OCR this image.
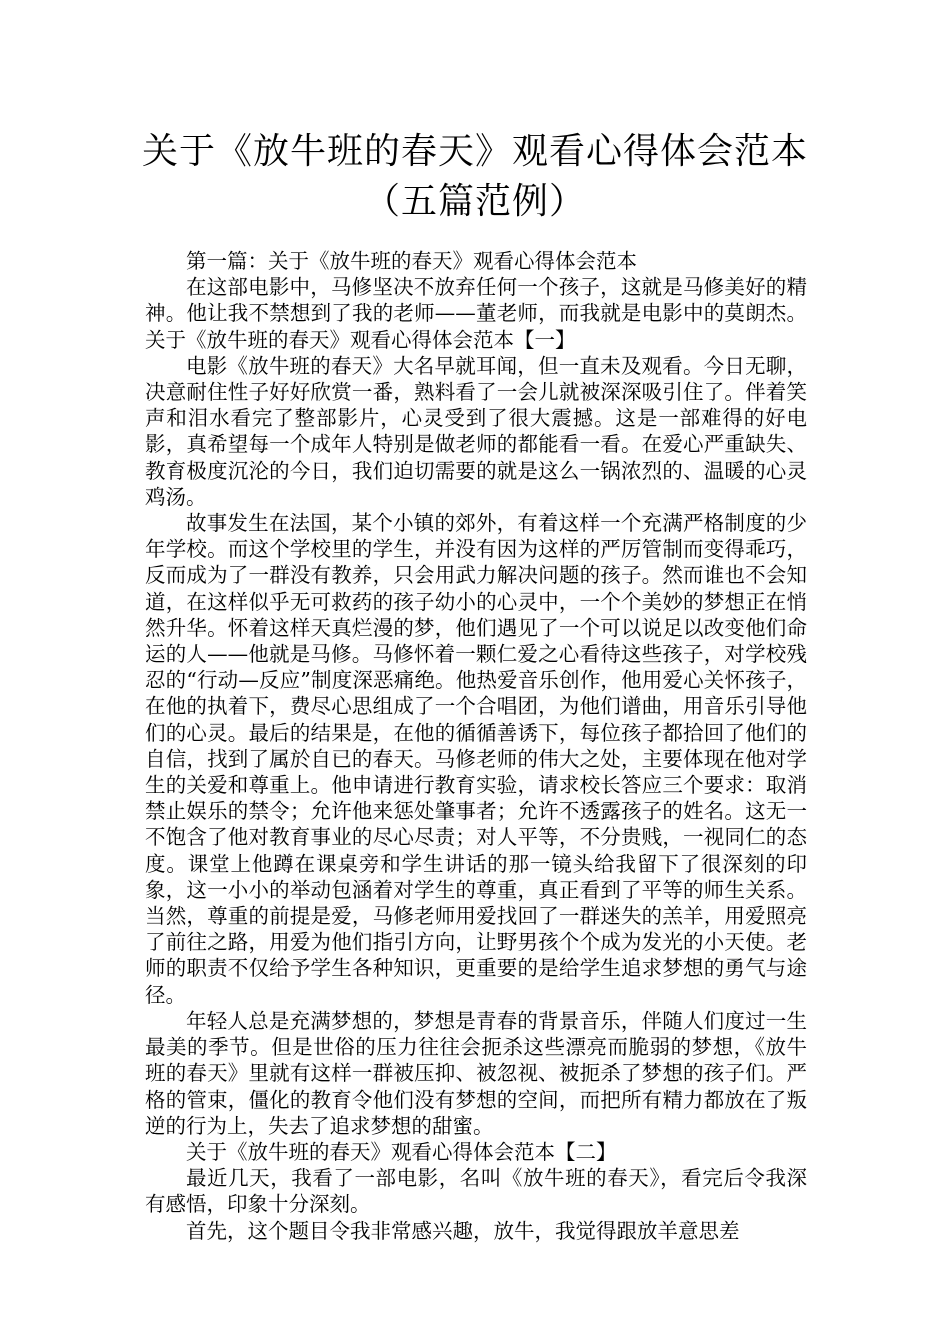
关于《放牛班的春天》观看心得体会范本
（五篇范例）

第一篇：关于《放牛班的春天》观看心得体会范本

在这部电影中，马修坚决不放弃任何一个孩子，这就是马修美好的精神。他让我不禁想到了我的老师——董老师，而我就是电影中的莫朗杰。 关于《放牛班的春天》观看心得体会范本【一】

电影《放牛班的春天》大名早就耳闻，但一直未及观看。今日无聊，决意耐住性子好好欣赏一番，熟料看了一会儿就被深深吸引住了。伴着笑声和泪水看完了整部影片，心灵受到了很大震撼。这是一部难得的好电影，真希望每一个成年人特别是做老师的都能看一看。在爱心严重缺失、教育极度沉沦的今日，我们迫切需要的就是这么一锅浓烈的、温暖的心灵鸡汤。

故事发生在法国，某个小镇的郊外，有着这样一个充满严格制度的少年学校。而这个学校里的学生，并没有因为这样的严厉管制而变得乖巧，反而成为了一群没有教养，只会用武力解决问题的孩子。然而谁也不会知道，在这样似乎无可救药的孩子幼小的心灵中，一个个美妙的梦想正在悄然升华。怀着这样天真烂漫的梦，他们遇见了一个可以说足以改变他们命运的人——他就是马修。马修怀着一颗仁爱之心看待这些孩子，对学校残忍的“行动—反应”制度深恶痛绝。他热爱音乐创作，他用爱心关怀孩子，在他的执着下，费尽心思组成了一个合唱团，为他们谱曲，用音乐引导他们的心灵。最后的结果是，在他的循循善诱下，每位孩子都拾回了他们的自信，找到了属於自已的春天。马修老师的伟大之处，主要体现在他对学生的关爱和尊重上。他申请进行教育实验，请求校长答应三个要求：取消禁止娱乐的禁令；允许他来惩处肇事者；允许不透露孩子的姓名。这无一不饱含了他对教育事业的尽心尽责；对人平等，不分贵贱，一视同仁的态度。课堂上他蹲在课桌旁和学生讲话的那一镜头给我留下了很深刻的印象，这一小小的举动包涵着对学生的尊重，真正看到了平等的师生关系。当然，尊重的前提是爱，马修老师用爱找回了一群迷失的羔羊，用爱照亮了前往之路，用爱为他们指引方向，让野男孩个个成为发光的小天使。老师的职责不仅给予学生各种知识，更重要的是给学生追求梦想的勇气与途径。

年轻人总是充满梦想的，梦想是青春的背景音乐，伴随人们度过一生最美的季节。但是世俗的压力往往会扼杀这些漂亮而脆弱的梦想，《放牛班的春天》里就有这样一群被压抑、被忽视、被扼杀了梦想的孩子们。严格的管束，僵化的教育令他们没有梦想的空间，而把所有精力都放在了叛逆的行为上，失去了追求梦想的甜蜜。

关于《放牛班的春天》观看心得体会范本【二】

最近几天，我看了一部电影，名叫《放牛班的春天》，看完后令我深有感悟，印象十分深刻。

首先，这个题目令我非常感兴趣，放牛，我觉得跟放羊意思差
